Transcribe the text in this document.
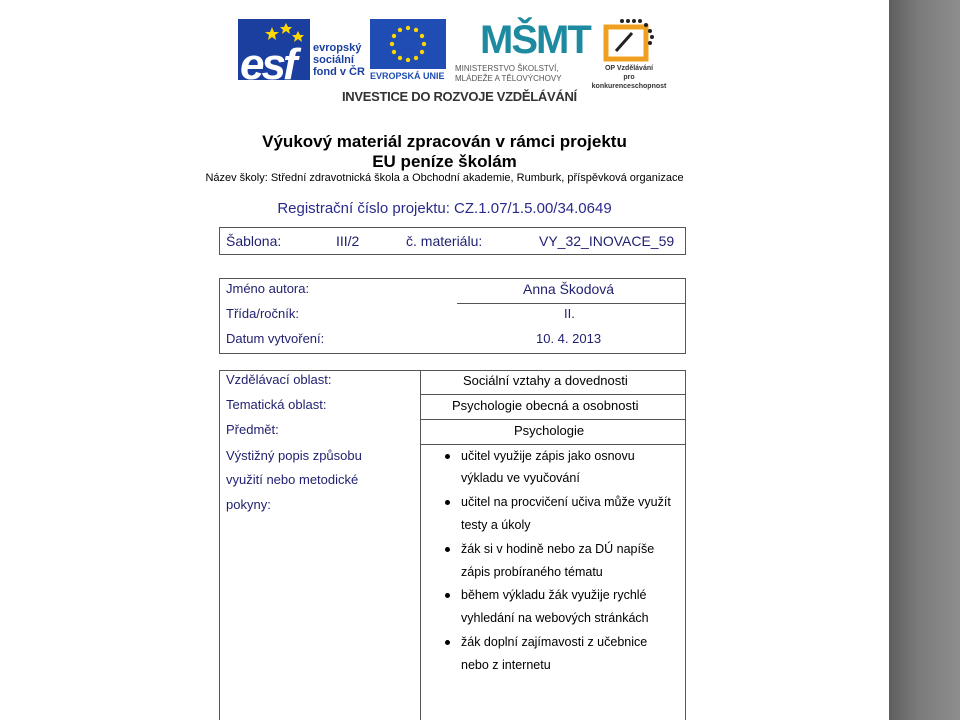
esf evropský
sociální
fond v ČR EVROPSKÁ UNIE
MŠMT
MINISTERSTVO ŠKOLSTVÍ,
MLÁDEŽE A TĚLOVÝCHOVY
OP Vzdělávání
pro konkurenceschopnost
INVESTICE DO ROZVOJE VZDĚLÁVÁNÍ
Výukový materiál zpracován v rámci projektu
EU peníze školám
Název školy: Střední zdravotnická škola a Obchodní akademie, Rumburk, příspěvková organizace
Registrační číslo projektu: CZ.1.07/1.5.00/34.0649
Šablona:	III/2	č. materiálu:	VY_32_INOVACE_59
Jméno autora:	Anna Škodová
Třída/ročník:	II.
Datum vytvoření:	10. 4. 2013
Vzdělávací oblast:	Sociální vztahy a dovednosti
Tematická oblast:	Psychologie obecná a osobnosti
Předmět:	Psychologie
Výstižný popis způsobu
využití nebo metodické
pokyny:
učitel využije zápis jako osnovu
výkladu ve vyučování
učitel na procvičení učiva může využít
testy a úkoly
žák si v hodině nebo za DÚ napíše
zápis probíraného tématu
během výkladu žák využije rychlé
vyhledání na webových stránkách
žák doplní zajímavosti z učebnice
nebo z internetu
